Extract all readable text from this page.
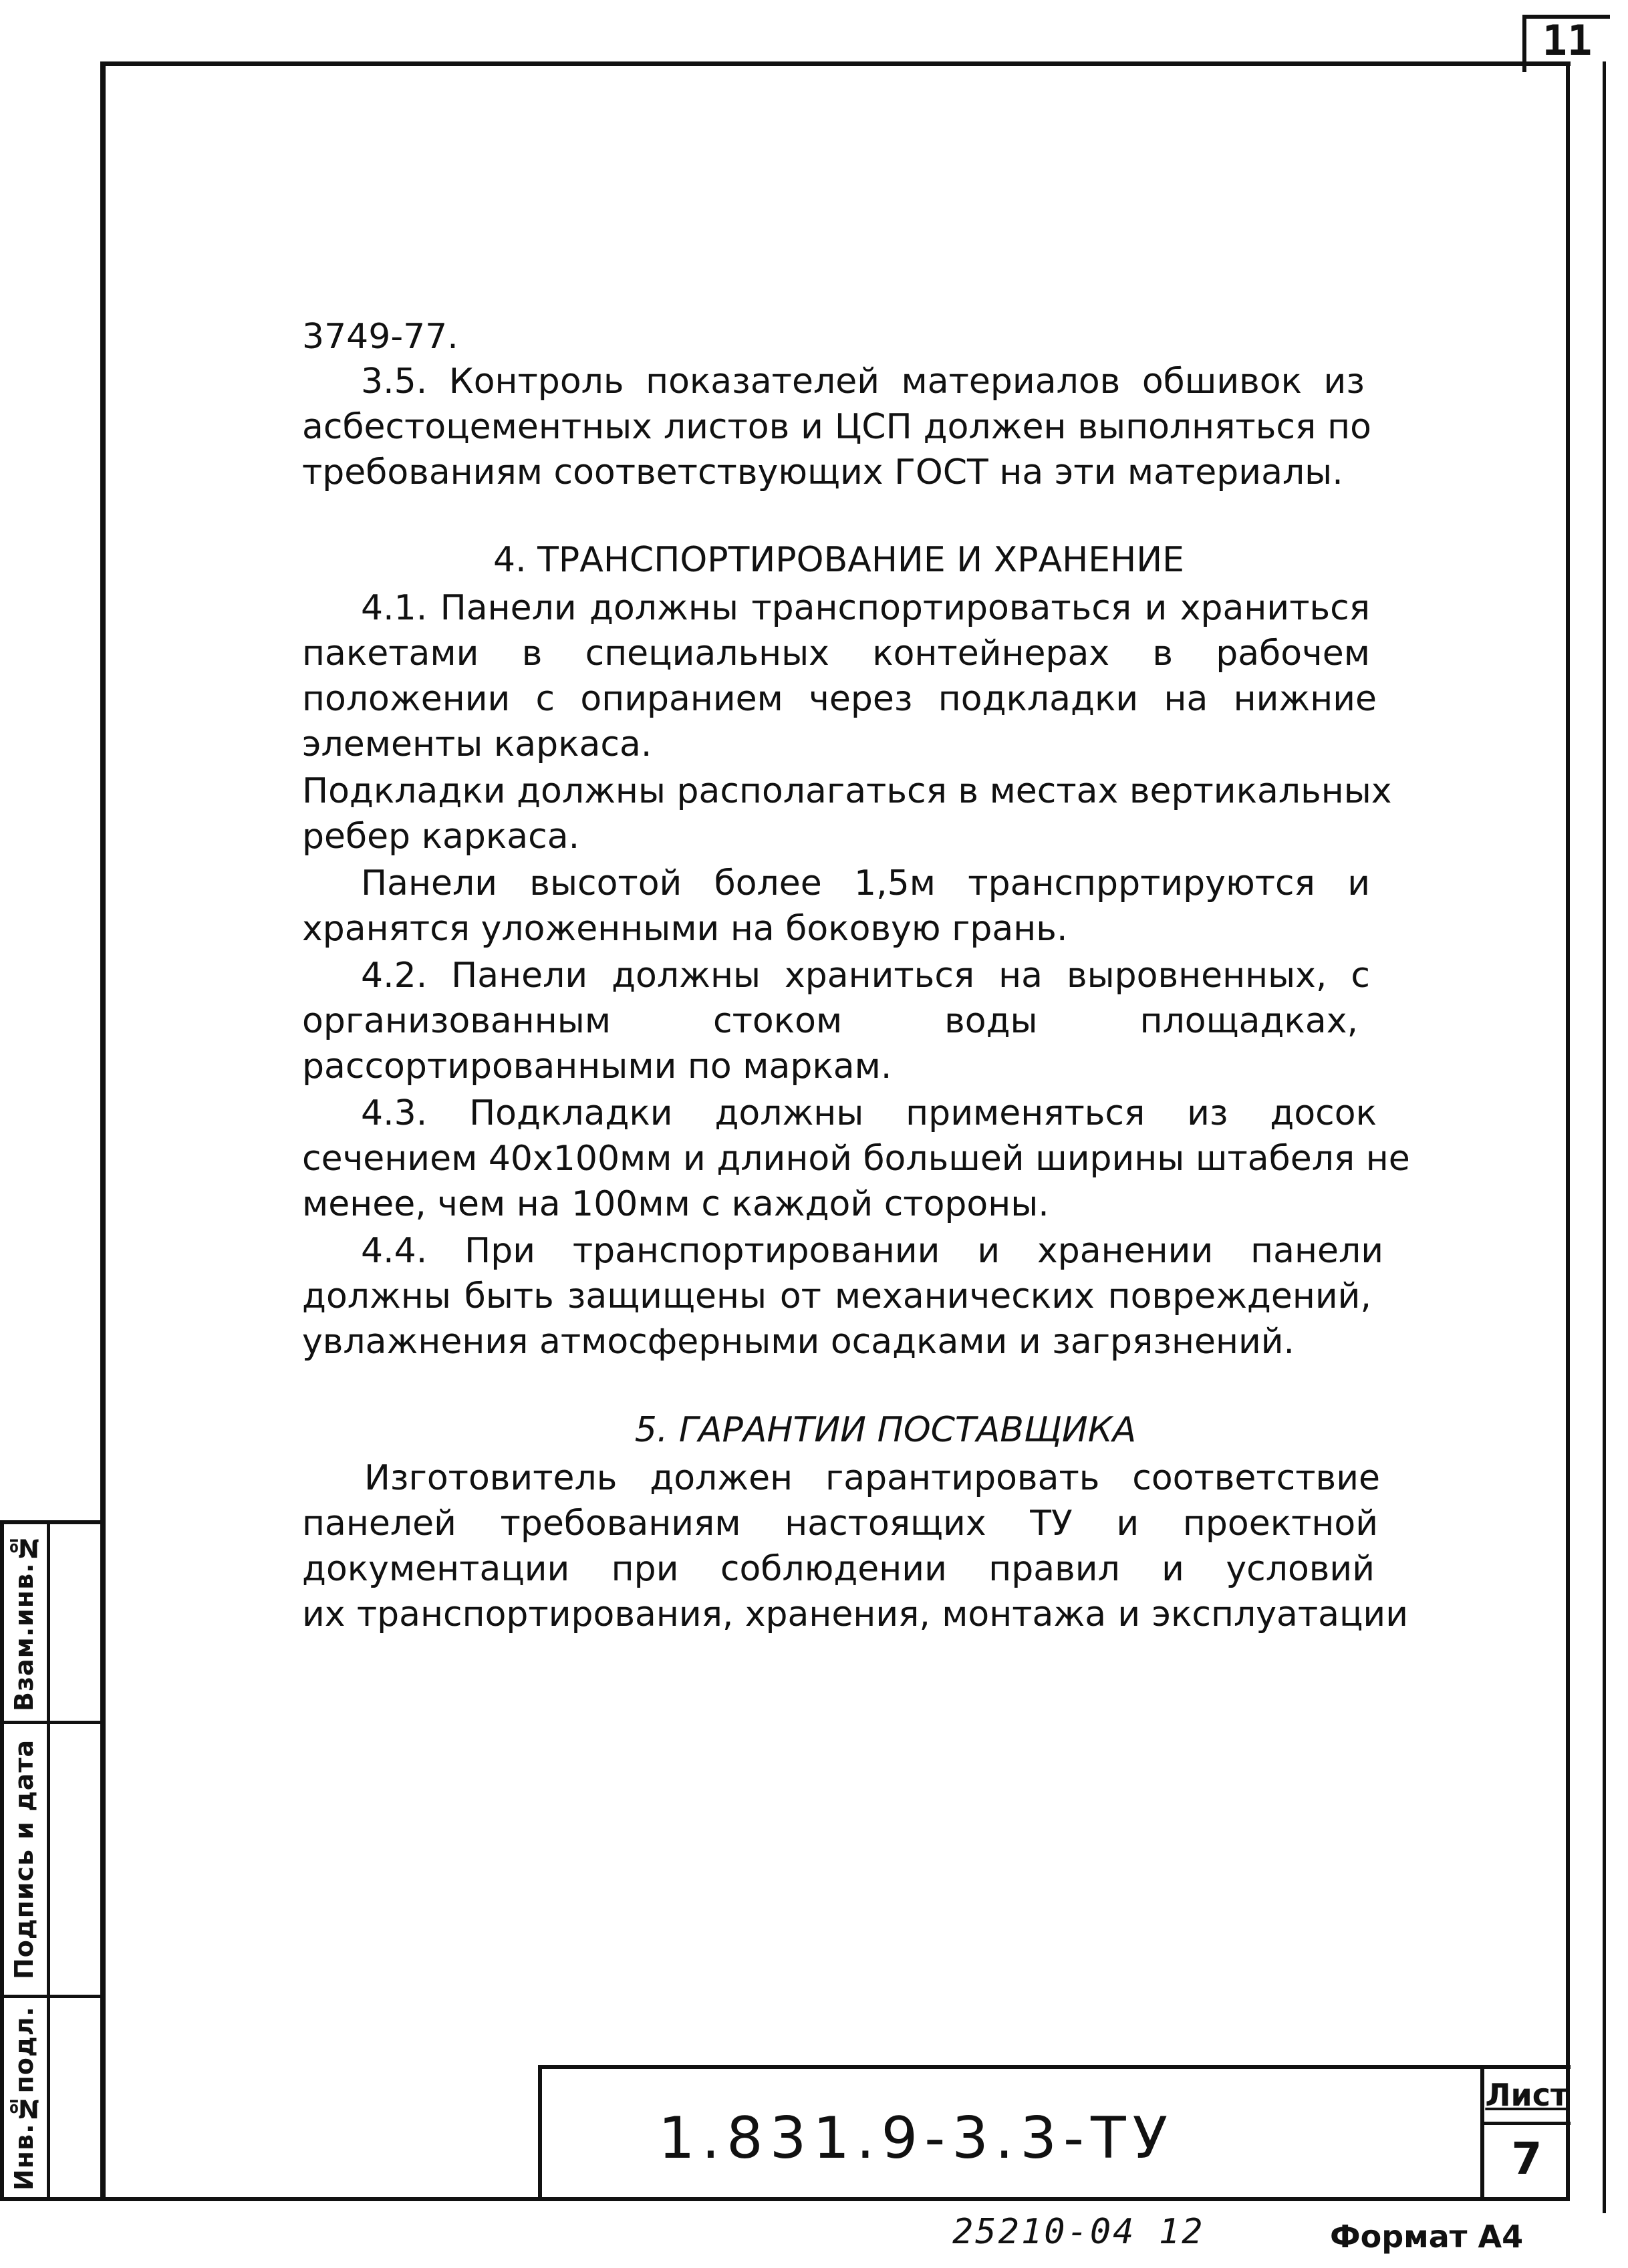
11
Инв.№подл.
Подпись и дата
Взам.инв.№
3749-77.
3.5. Контроль показателей материалов обшивок из
асбестоцементных листов и ЦСП должен выполняться по
требованиям соответствующих ГОСТ на эти материалы.
4. ТРАНСПОРТИРОВАНИЕ И ХРАНЕНИЕ
4.1. Панели должны транспортироваться и храниться
пакетами в специальных контейнерах в рабочем
положении с опиранием через подкладки на нижние
элементы каркаса.
Подкладки должны располагаться в местах вертикальных
ребер каркаса.
Панели высотой более 1,5м транспрртируются и
хранятся уложенными на боковую грань.
4.2. Панели должны храниться на выровненных, с
организованным стоком воды площадках,
рассортированными по маркам.
4.3. Подкладки должны применяться из досок
сечением 40х100мм и длиной большей ширины штабеля не
менее, чем на 100мм с каждой стороны.
4.4. При транспортировании и хранении панели
должны быть защищены от механических повреждений,
увлажнения атмосферными осадками и загрязнений.
5. ГАРАНТИИ ПОСТАВЩИКА
Изготовитель должен гарантировать соответствие
панелей требованиям настоящих ТУ и проектной
документации при соблюдении правил и условий
их транспортирования, хранения, монтажа и эксплуатации
1.831.9-3.3-ТУ
Лист
7
25210-04 12	Формат А4
